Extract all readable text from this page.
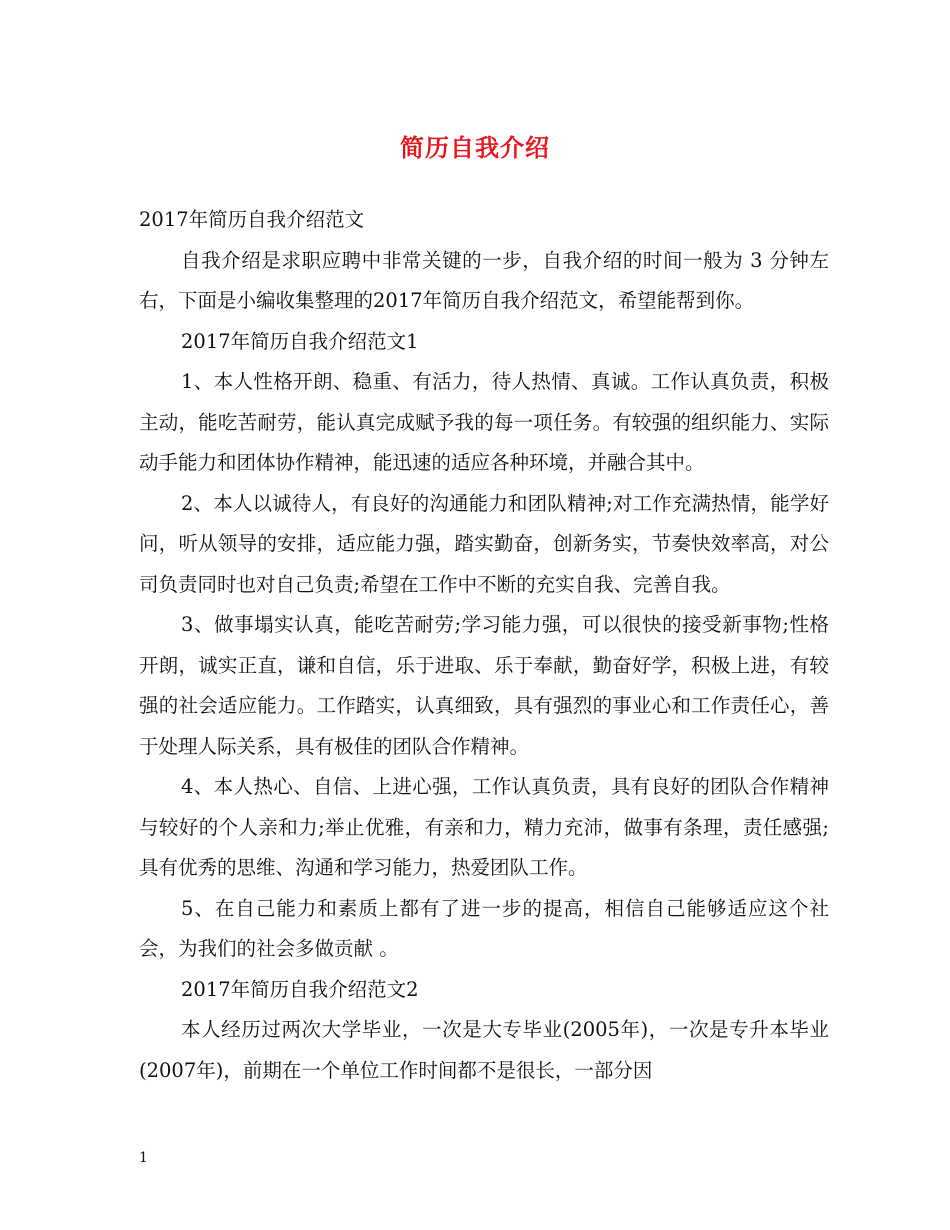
简历自我介绍

2017年简历自我介绍范文

自我介绍是求职应聘中非常关键的一步，自我介绍的时间一般为 3 分钟左右，下面是小编收集整理的2017年简历自我介绍范文，希望能帮到你。

2017年简历自我介绍范文1

1、本人性格开朗、稳重、有活力，待人热情、真诚。工作认真负责，积极主动，能吃苦耐劳，能认真完成赋予我的每一项任务。有较强的组织能力、实际动手能力和团体协作精神，能迅速的适应各种环境，并融合其中。

2、本人以诚待人，有良好的沟通能力和团队精神;对工作充满热情，能学好问，听从领导的安排，适应能力强，踏实勤奋，创新务实，节奏快效率高，对公司负责同时也对自己负责;希望在工作中不断的充实自我、完善自我。

3、做事塌实认真，能吃苦耐劳;学习能力强，可以很快的接受新事物;性格开朗，诚实正直，谦和自信，乐于进取、乐于奉献，勤奋好学，积极上进，有较强的社会适应能力。工作踏实，认真细致，具有强烈的事业心和工作责任心，善于处理人际关系，具有极佳的团队合作精神。

4、本人热心、自信、上进心强，工作认真负责，具有良好的团队合作精神与较好的个人亲和力;举止优雅，有亲和力，精力充沛，做事有条理，责任感强;具有优秀的思维、沟通和学习能力，热爱团队工作。

5、在自己能力和素质上都有了进一步的提高，相信自己能够适应这个社会，为我们的社会多做贡献 。

2017年简历自我介绍范文2

本人经历过两次大学毕业，一次是大专毕业(2005年)，一次是专升本毕业(2007年)，前期在一个单位工作时间都不是很长，一部分因

1
